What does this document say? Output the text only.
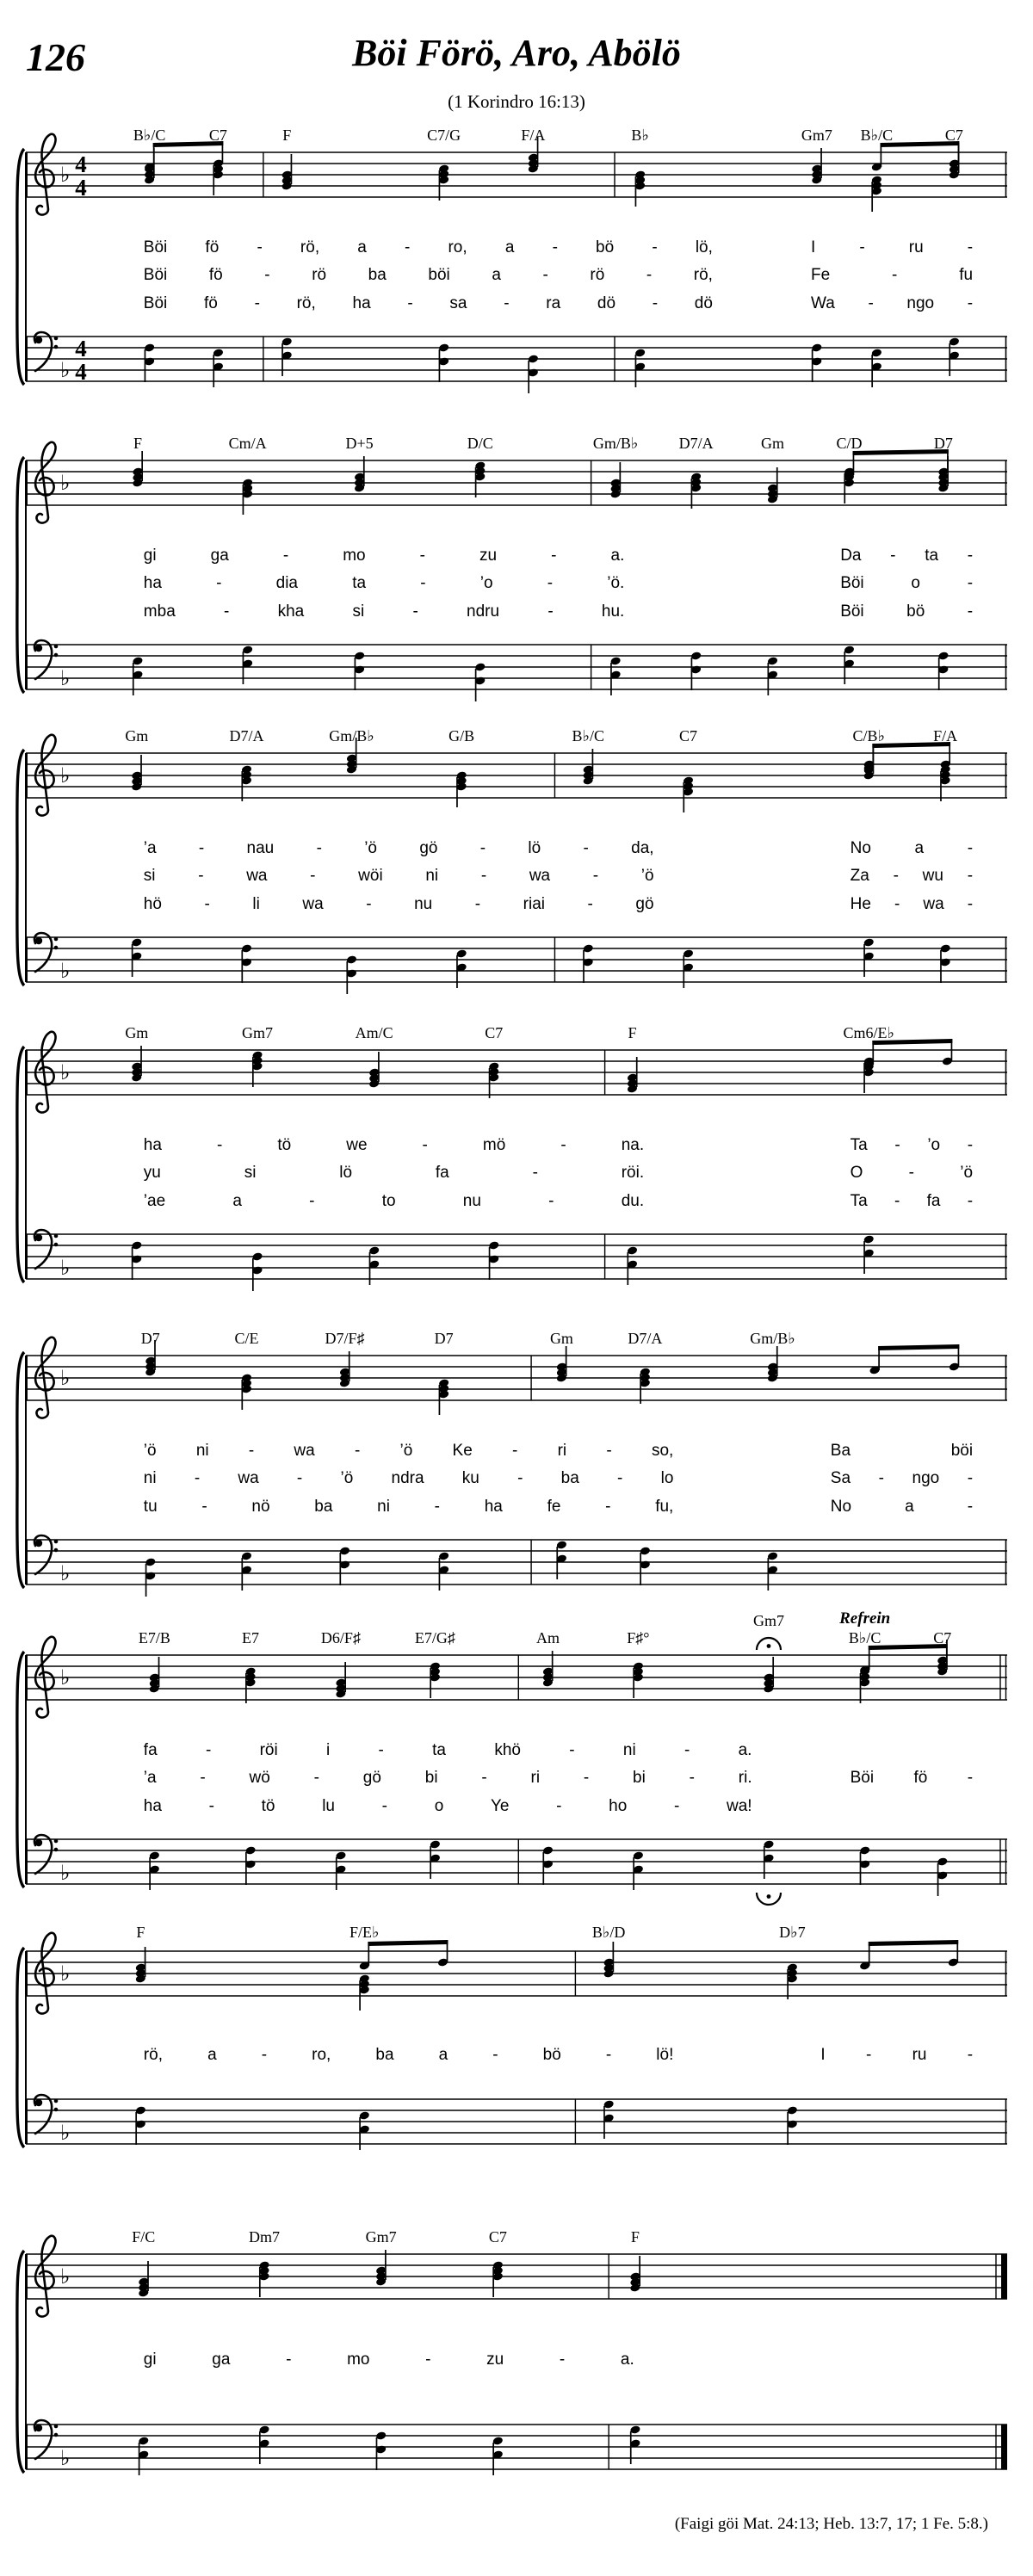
126	Böi Förö, Aro, Abölö
(1 Korindro 16:13)
♭ 4
4
♭
4
4
B♭/C	C7	F	C7/G	F/A	B♭	Gm7 B♭/C	C7
Böi fö - rö, a - ro, a - bö - lö,	I	-	ru	-
Böi	fö	-	rö	ba	böi	a	-	rö	-	rö,	Fe	-	fu
Böi fö - rö, ha - sa - ra dö - dö	Wa - ngo -
♭
♭
F	Cm/A	D+5	D/C	Gm/B♭	D7/A	Gm	C/D	D7
gi	ga	-	mo	-	zu	-	a.	Da - ta -
ha	-	dia	ta	-	’o	-	’ö.	Böi	o	-
mba	-	kha	si	-	ndru	-	hu.	Böi	bö	-
♭
♭
Gm	D7/A	Gm/B♭	G/B	B♭/C	C7	C/B♭	F/A
’a	-	nau	-	’ö	gö	-	lö	-	da,	No	a	-
si	-	wa	-	wöi	ni	-	wa	-	’ö	Za - wu -
hö	-	li	wa	-	nu	-	riai	-	gö	He - wa -
♭
♭
Gm	Gm7	Am/C	C7	F	Cm6/E♭
ha	-	tö	we	-	mö	-	na.	Ta - ’o -
yu	si	lö	fa	-	röi.	O	-	’ö
’ae	a	-	to	nu	-	du.	Ta - fa -
♭
♭
D7	C/E	D7/F♯	D7	Gm	D7/A	Gm/B♭
’ö ni - wa - ’ö Ke - ri - so,	Ba	böi
ni - wa - ’ö ndra ku - ba - lo	Sa - ngo -
tu	-	nö	ba	ni	-	ha	fe	-	fu,	No	a	-
♭
♭
E7/B	E7	D6/F♯	E7/G♯	Am	F♯°
Gm7
B♭/C	C7
Refrein
fa	-	röi	i	-	ta	khö	-	ni	-	a.
’a	-	wö	-	gö	bi	-	ri	-	bi	-	ri.	Böi fö -
ha	-	tö	lu	-	o	Ye	-	ho	-	wa!
♭
♭
F	F/E♭	B♭/D	D♭7
rö,	a	-	ro,	ba	a	-	bö	-	lö!	I - ru -
♭
♭
F/C	Dm7	Gm7	C7	F
gi	ga	-	mo	-	zu	-	a.
(Faigi göi Mat. 24:13; Heb. 13:7, 17; 1 Fe. 5:8.)
